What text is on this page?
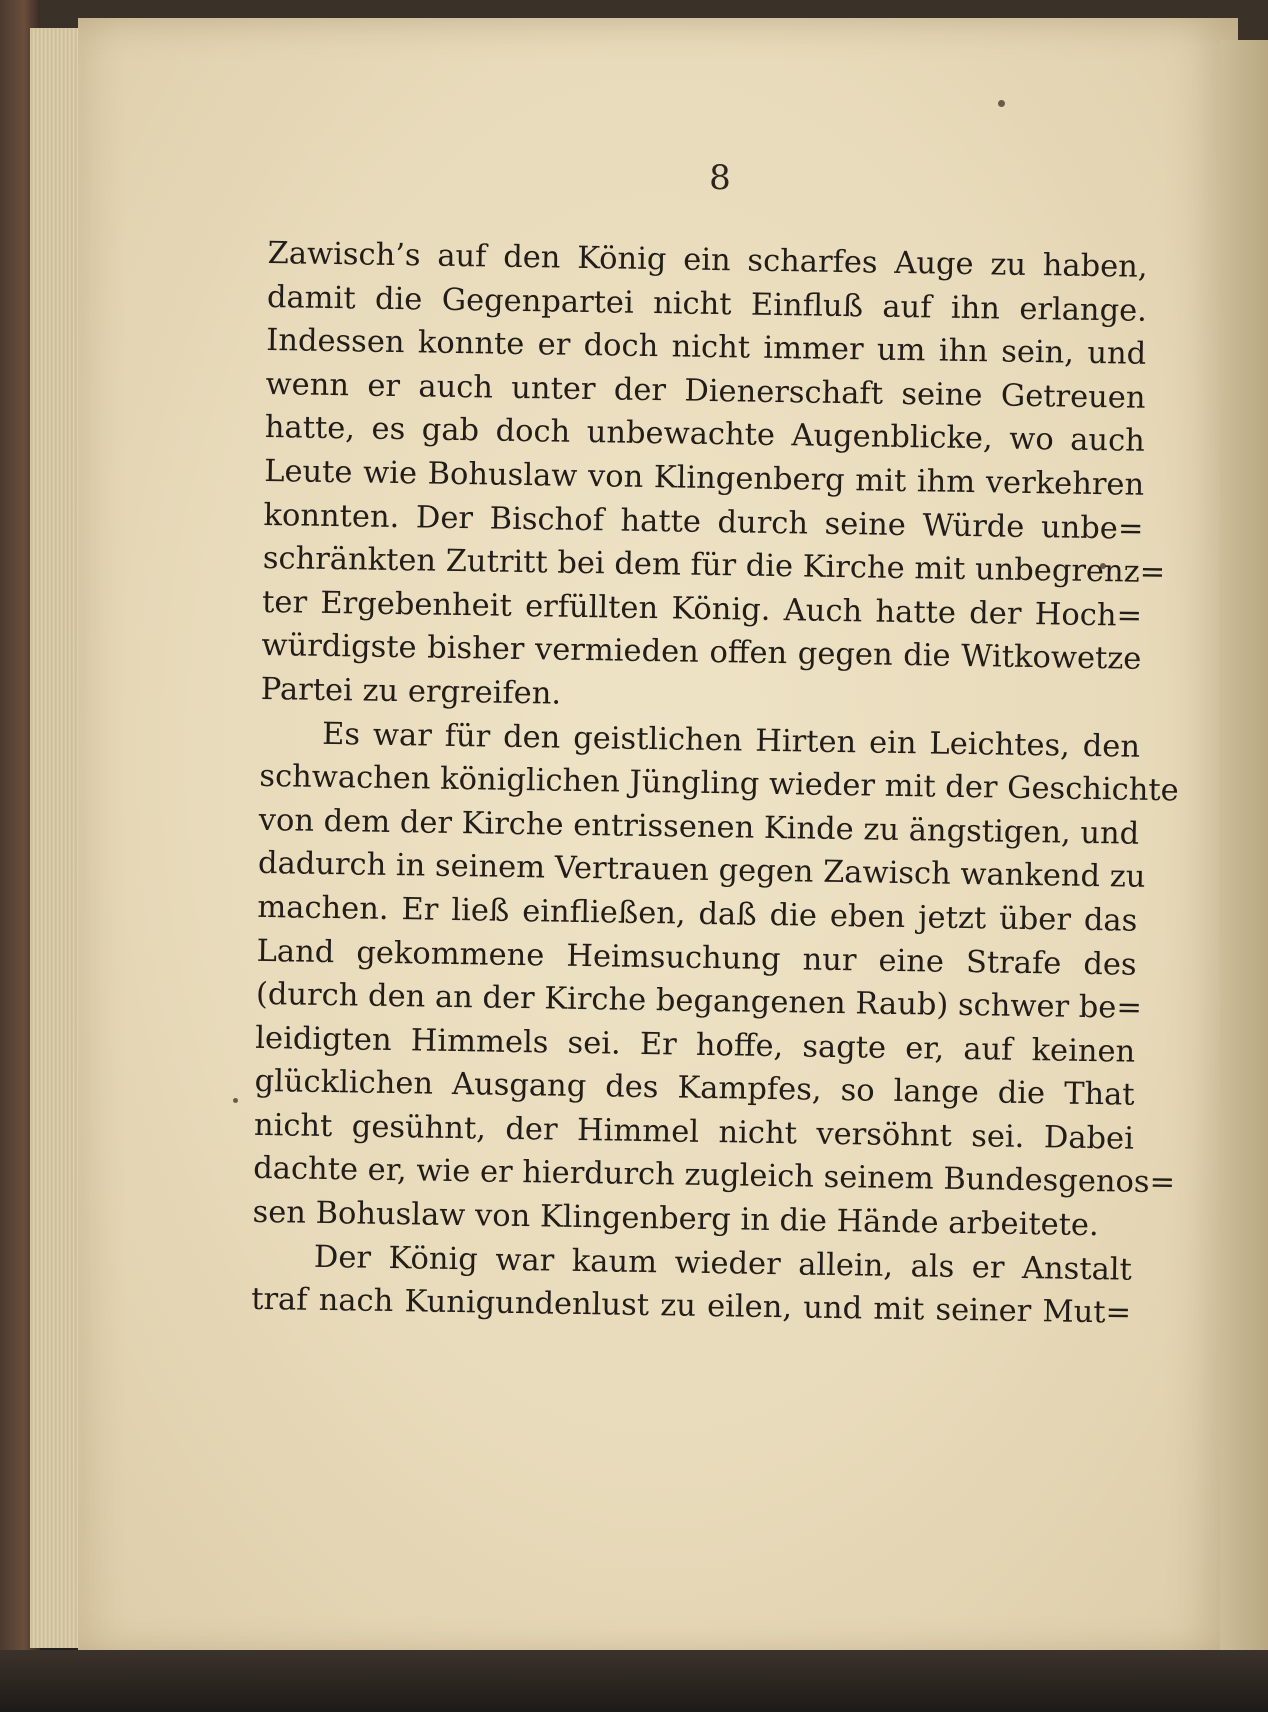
8
Zawisch’s auf den König ein scharfes Auge zu haben,
damit die Gegenpartei nicht Einfluß auf ihn erlange.
Indessen konnte er doch nicht immer um ihn sein, und
wenn er auch unter der Dienerschaft seine Getreuen
hatte, es gab doch unbewachte Augenblicke, wo auch
Leute wie Bohuslaw von Klingenberg mit ihm verkehren
konnten. Der Bischof hatte durch seine Würde unbe=
schränkten Zutritt bei dem für die Kirche mit unbegrenz=
ter Ergebenheit erfüllten König. Auch hatte der Hoch=
würdigste bisher vermieden offen gegen die Witkowetze
Partei zu ergreifen.
Es war für den geistlichen Hirten ein Leichtes, den
schwachen königlichen Jüngling wieder mit der Geschichte
von dem der Kirche entrissenen Kinde zu ängstigen, und
dadurch in seinem Vertrauen gegen Zawisch wankend zu
machen. Er ließ einfließen, daß die eben jetzt über das
Land gekommene Heimsuchung nur eine Strafe des
(durch den an der Kirche begangenen Raub) schwer be=
leidigten Himmels sei. Er hoffe, sagte er, auf keinen
glücklichen Ausgang des Kampfes, so lange die That
nicht gesühnt, der Himmel nicht versöhnt sei. Dabei
dachte er, wie er hierdurch zugleich seinem Bundesgenos=
sen Bohuslaw von Klingenberg in die Hände arbeitete.
Der König war kaum wieder allein, als er Anstalt
traf nach Kunigundenlust zu eilen, und mit seiner Mut=
